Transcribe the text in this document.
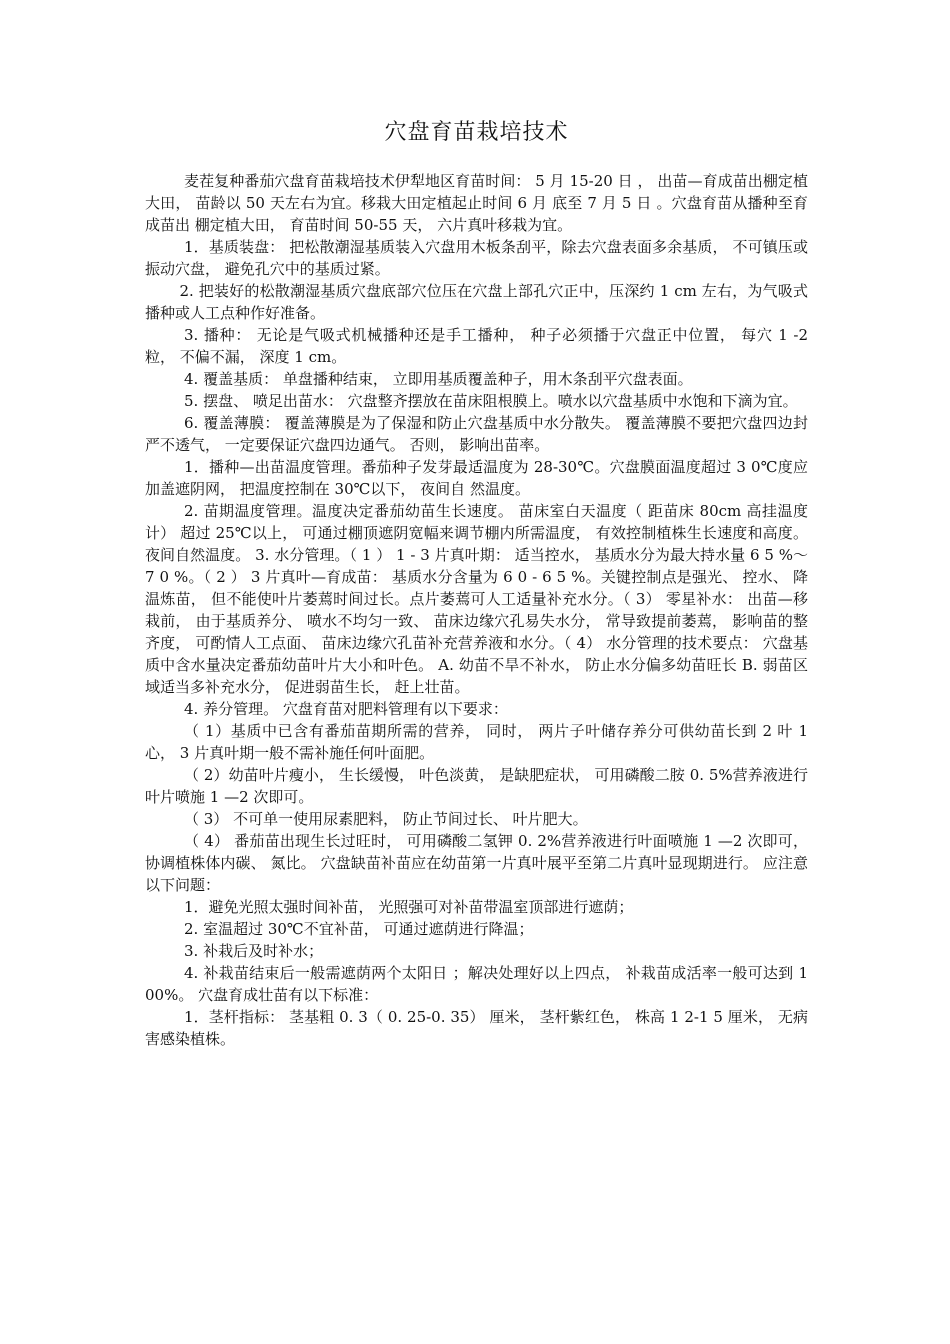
穴盘育苗栽培技术

麦茬复种番茄穴盘育苗栽培技术伊犁地区育苗时间： 5 月 15-20 日 ， 出苗—育成苗出棚定植大田， 苗龄以 50 天左右为宜。移栽大田定植起止时间 6 月 底至 7 月 5 日 。穴盘育苗从播种至育成苗出 棚定植大田， 育苗时间 50-55 天， 六片真叶移栽为宜。

1．基质装盘： 把松散潮湿基质装入穴盘用木板条刮平，除去穴盘表面多余基质， 不可镇压或振动穴盘， 避免孔穴中的基质过紧。

2. 把装好的松散潮湿基质穴盘底部穴位压在穴盘上部孔穴正中，压深约 1 cm 左右，为气吸式播种或人工点种作好准备。

3. 播种： 无论是气吸式机械播种还是手工播种， 种子必须播于穴盘正中位置， 每穴 1 -2 粒， 不偏不漏， 深度 1 cm。

4. 覆盖基质： 单盘播种结束， 立即用基质覆盖种子，用木条刮平穴盘表面。

5. 摆盘、 喷足出苗水： 穴盘整齐摆放在苗床阻根膜上。喷水以穴盘基质中水饱和下滴为宜。

6. 覆盖薄膜： 覆盖薄膜是为了保湿和防止穴盘基质中水分散失。 覆盖薄膜不要把穴盘四边封严不透气， 一定要保证穴盘四边通气。 否则， 影响出苗率。

1．播种—出苗温度管理。番茄种子发芽最适温度为 28-30℃。穴盘膜面温度超过 3 0℃度应加盖遮阴网， 把温度控制在 30℃以下， 夜间自 然温度。

2. 苗期温度管理。温度决定番茄幼苗生长速度。 苗床室白天温度（ 距苗床 80cm 高挂温度计） 超过 25℃以上， 可通过棚顶遮阴宽幅来调节棚内所需温度， 有效控制植株生长速度和高度。 夜间自然温度。 3. 水分管理。（ 1 ） 1 - 3 片真叶期： 适当控水， 基质水分为最大持水量 6 5 %～ 7 0 %。（ 2 ） 3 片真叶—育成苗： 基质水分含量为 6 0 - 6 5 %。关键控制点是强光、 控水、 降温炼苗， 但不能使叶片萎蔫时间过长。点片萎蔫可人工适量补充水分。（ 3） 零星补水： 出苗—移栽前， 由于基质养分、 喷水不均匀一致、 苗床边缘穴孔易失水分， 常导致提前萎蔫， 影响苗的整齐度， 可酌情人工点面、 苗床边缘穴孔苗补充营养液和水分。（ 4） 水分管理的技术要点： 穴盘基质中含水量决定番茄幼苗叶片大小和叶色。 A. 幼苗不旱不补水， 防止水分偏多幼苗旺长 B. 弱苗区域适当多补充水分， 促进弱苗生长， 赶上壮苗。

4. 养分管理。 穴盘育苗对肥料管理有以下要求：

（ 1）基质中已含有番茄苗期所需的营养， 同时， 两片子叶储存养分可供幼苗长到 2 叶 1 心， 3 片真叶期一般不需补施任何叶面肥。

（ 2）幼苗叶片瘦小， 生长缓慢， 叶色淡黄， 是缺肥症状， 可用磷酸二胺 0. 5%营养液进行叶片喷施 1 —2 次即可。

（ 3） 不可单一使用尿素肥料， 防止节间过长、 叶片肥大。

（ 4） 番茄苗出现生长过旺时， 可用磷酸二氢钾 0. 2%营养液进行叶面喷施 1 —2 次即可， 协调植株体内碳、 氮比。 穴盘缺苗补苗应在幼苗第一片真叶展平至第二片真叶显现期进行。 应注意以下问题：

1．避免光照太强时间补苗， 光照强可对补苗带温室顶部进行遮荫；

2. 室温超过 30℃不宜补苗， 可通过遮荫进行降温；

3. 补栽后及时补水；

4. 补栽苗结束后一般需遮荫两个太阳日 ；解决处理好以上四点， 补栽苗成活率一般可达到 1 00%。 穴盘育成壮苗有以下标准：

1．茎杆指标： 茎基粗 0. 3（ 0. 25-0. 35） 厘米， 茎杆紫红色， 株高 1 2-1 5 厘米， 无病害感染植株。
